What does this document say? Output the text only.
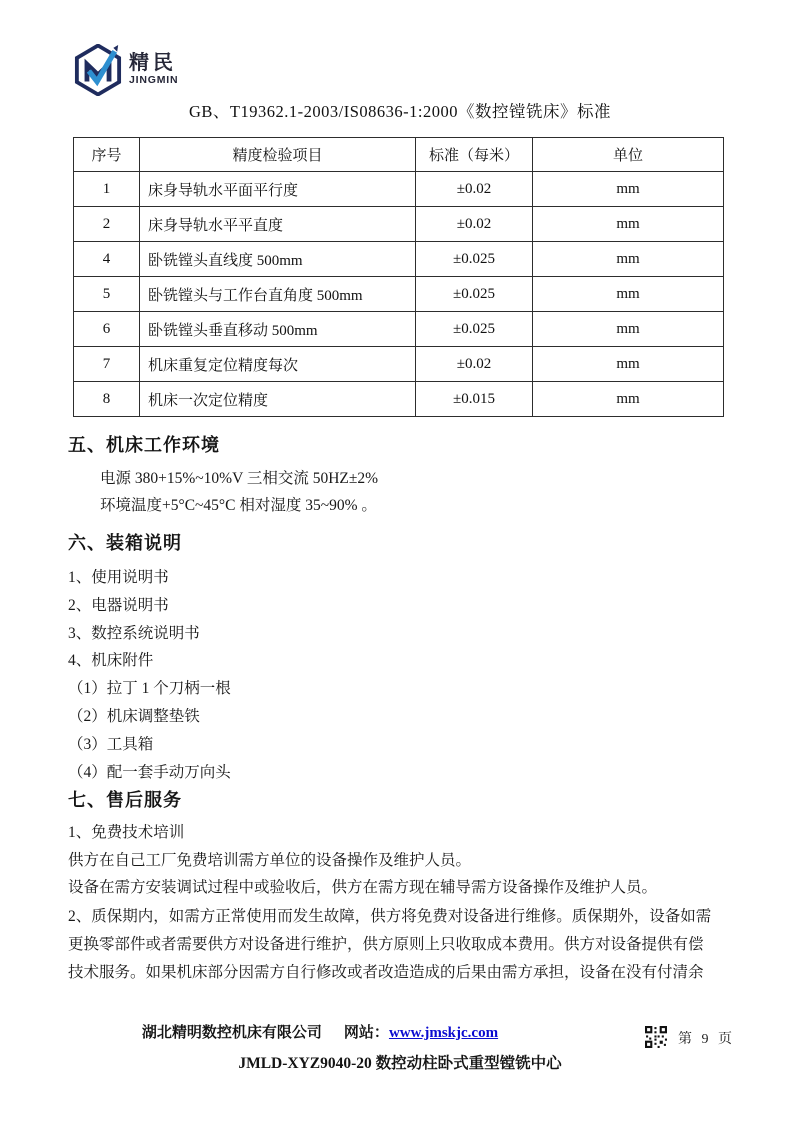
精民
JINGMIN
GB、T19362.1-2003/IS08636-1:2000《数控镗铣床》标准
序号	精度检验项目	标准（每米）	单位
1	床身导轨水平面平行度	±0.02	mm
2	床身导轨水平平直度	±0.02	mm
4	卧铣镗头直线度 500mm	±0.025	mm
5	卧铣镗头与工作台直角度 500mm	±0.025	mm
6	卧铣镗头垂直移动 500mm	±0.025	mm
7	机床重复定位精度每次	±0.02	mm
8	机床一次定位精度	±0.015	mm
五、机床工作环境
电源 380+15%~10%V 三相交流 50HZ±2%
环境温度+5°C~45°C 相对湿度 35~90% 。
六、装箱说明
1、使用说明书
2、电器说明书
3、数控系统说明书
4、机床附件
（1）拉丁 1 个刀柄一根
（2）机床调整垫铁
（3）工具箱
（4）配一套手动万向头
七、售后服务
1、免费技术培训
供方在自己工厂免费培训需方单位的设备操作及维护人员。
设备在需方安装调试过程中或验收后，供方在需方现在辅导需方设备操作及维护人员。
2、质保期内，如需方正常使用而发生故障，供方将免费对设备进行维修。质保期外，设备如需
更换零部件或者需要供方对设备进行维护，供方原则上只收取成本费用。供方对设备提供有偿
技术服务。如果机床部分因需方自行修改或者改造造成的后果由需方承担，设备在没有付清余
湖北精明数控机床有限公司 网站：www.jmskjc.com	第 9 页
JMLD-XYZ9040-20 数控动柱卧式重型镗铣中心
